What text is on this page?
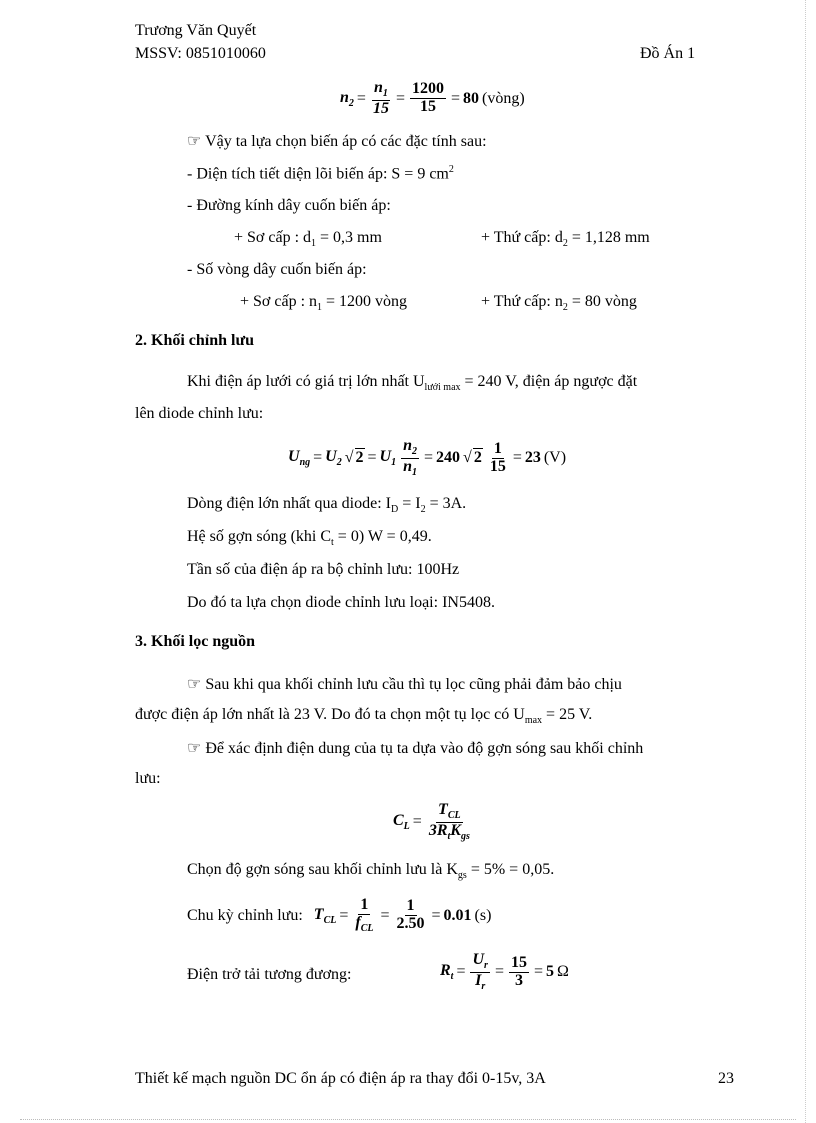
Trương Văn Quyết
MSSV: 0851010060	Đồ Án 1
$n_2 = \frac{n_1}{15} = \frac{1200}{15} = 80$ (vòng)
☞ Vậy ta lựa chọn biến áp có các đặc tính sau:
- Diện tích tiết diện lõi biến áp: S = 9 $cm^2$
- Đường kính dây cuốn biến áp:
+ Sơ cấp : $d_1 = 0,3$ mm	+ Thứ cấp: $d_2 = 1,128$ mm
- Số vòng dây cuốn biến áp:
+ Sơ cấp : $n_1 = 1200$ vòng	+ Thứ cấp: $n_2 = 80$ vòng
2. Khối chỉnh lưu
Khi điện áp lưới có giá trị lớn nhất $U_{lưới max} = 240$ V, điện áp ngược đặt
lên diode chỉnh lưu:
$U_{ng} = U_2$ √ $2 = U_1 \frac{n_2}{n_1} = 240$ √ $2 \frac{1}{15} = 23$ (V)
Dòng điện lớn nhất qua diode: $I_D = I_2 = 3A$.
Hệ số gợn sóng (khi $C_t = 0$) W = 0,49.
Tần số của điện áp ra bộ chỉnh lưu: 100Hz
Do đó ta lựa chọn diode chỉnh lưu loại: IN5408.
3. Khối lọc nguồn
☞ Sau khi qua khối chỉnh lưu cầu thì tụ lọc cũng phải đảm bảo chịu
được điện áp lớn nhất là 23 V. Do đó ta chọn một tụ lọc có $U_{max} = 25$ V.
☞ Để xác định điện dung của tụ ta dựa vào độ gợn sóng sau khối chỉnh
lưu:
$C_L = \frac{T_{CL}}{3R_tK_{gs}}$
Chọn độ gợn sóng sau khối chỉnh lưu là $K_{gs} = 5\% = 0,05$.
Chu kỳ chỉnh lưu: $T_{CL} = \frac{1}{f_{CL}} = \frac{1}{2.50} = 0.01$ (s)
Điện trở tải tương đương:	$R_t = \frac{U_r}{I_r} = \frac{15}{3} = 5$ Ω
Thiết kế mạch nguồn DC ổn áp có điện áp ra thay đổi 0-15v, 3A	23
